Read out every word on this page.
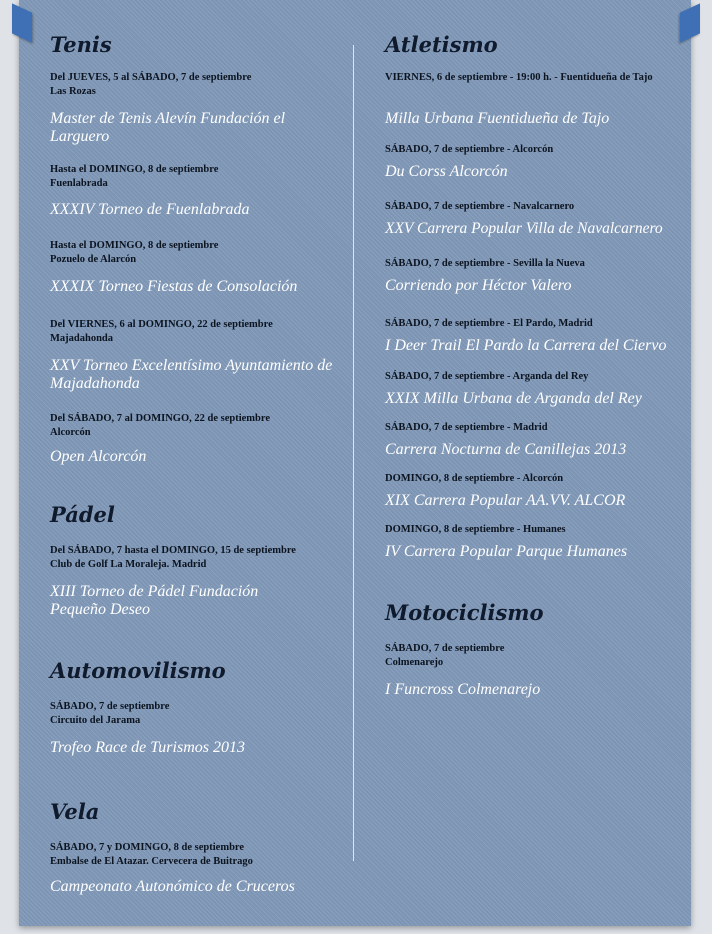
Tenis
Del JUEVES, 5 al SÁBADO, 7 de septiembre
Las Rozas
Master de Tenis Alevín Fundación el Larguero
Hasta el DOMINGO, 8 de septiembre
Fuenlabrada
XXXIV Torneo de Fuenlabrada
Hasta el DOMINGO, 8 de septiembre
Pozuelo de Alarcón
XXXIX Torneo Fiestas de Consolación
Del VIERNES, 6 al DOMINGO, 22 de septiembre
Majadahonda
XXV Torneo Excelentísimo Ayuntamiento de Majadahonda
Del SÁBADO, 7 al DOMINGO, 22 de septiembre
Alcorcón
Open Alcorcón
Pádel
Del SÁBADO, 7 hasta el DOMINGO, 15 de septiembre
Club de Golf La Moraleja. Madrid
XIII Torneo de Pádel Fundación Pequeño Deseo
Automovilismo
SÁBADO, 7 de septiembre
Circuito del Jarama
Trofeo Race de Turismos 2013
Vela
SÁBADO, 7 y DOMINGO, 8 de septiembre
Embalse de El Atazar. Cervecera de Buitrago
Campeonato Autonómico de Cruceros
Atletismo
VIERNES, 6 de septiembre - 19:00 h. - Fuentidueña de Tajo
Milla Urbana Fuentidueña de Tajo
SÁBADO, 7 de septiembre - Alcorcón
Du Corss Alcorcón
SÁBADO, 7 de septiembre - Navalcarnero
XXV Carrera Popular Villa de Navalcarnero
SÁBADO, 7 de septiembre - Sevilla la Nueva
Corriendo por Héctor Valero
SÁBADO, 7 de septiembre - El Pardo, Madrid
I Deer Trail El Pardo la Carrera del Ciervo
SÁBADO, 7 de septiembre - Arganda del Rey
XXIX Milla Urbana de Arganda del Rey
SÁBADO, 7 de septiembre - Madrid
Carrera Nocturna de Canillejas 2013
DOMINGO, 8 de septiembre - Alcorcón
XIX Carrera Popular AA.VV. ALCOR
DOMINGO, 8 de septiembre - Humanes
IV Carrera Popular Parque Humanes
Motociclismo
SÁBADO, 7 de septiembre
Colmenarejo
I Funcross Colmenarejo
